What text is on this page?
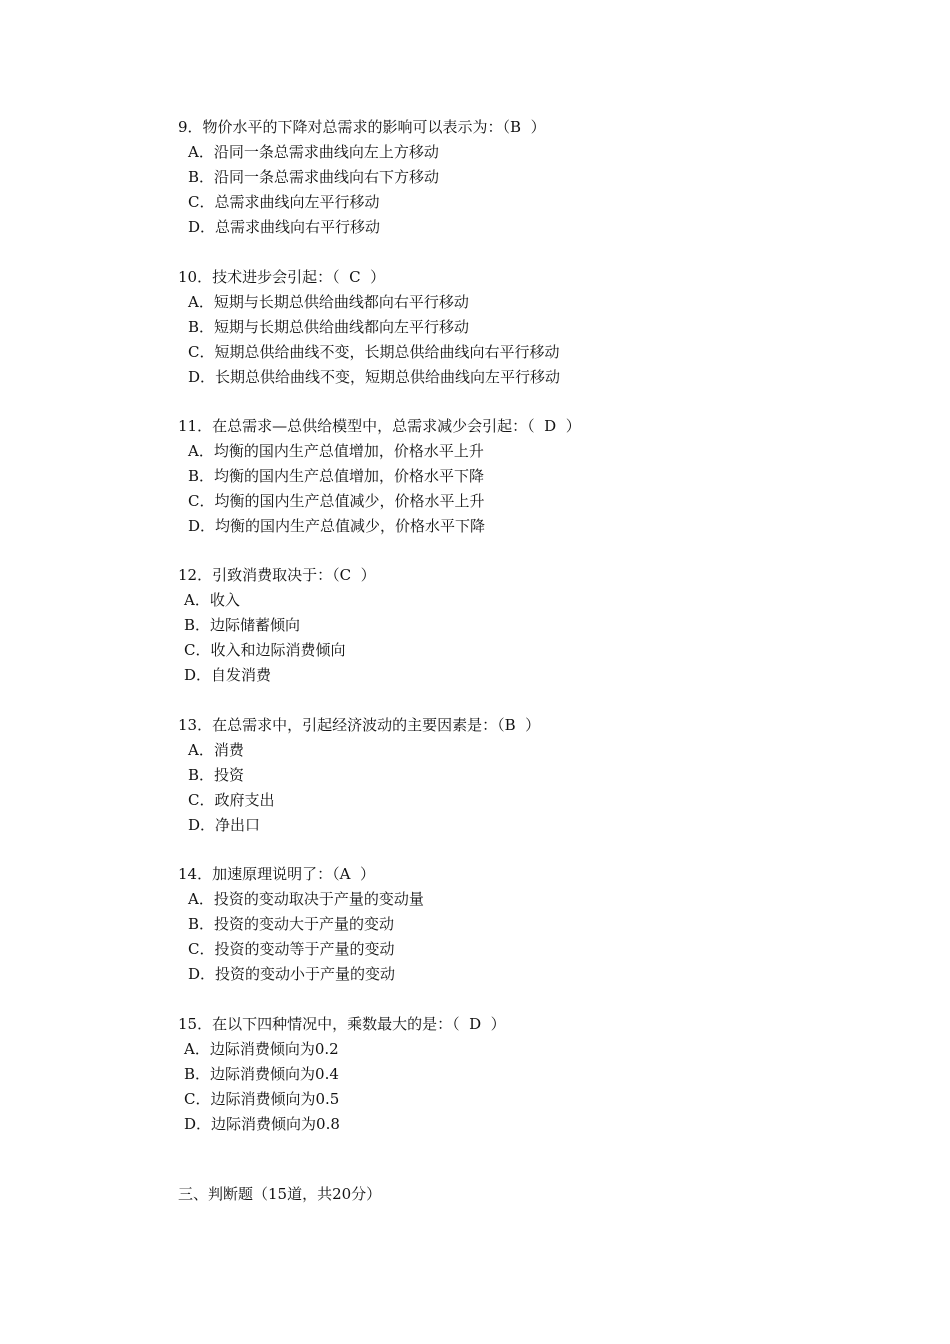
9．物价水平的下降对总需求的影响可以表示为：（B  ）
A．沿同一条总需求曲线向左上方移动
B．沿同一条总需求曲线向右下方移动
C．总需求曲线向左平行移动
D．总需求曲线向右平行移动
10．技术进步会引起：（  C  ）
A．短期与长期总供给曲线都向右平行移动
B．短期与长期总供给曲线都向左平行移动
C．短期总供给曲线不变，长期总供给曲线向右平行移动
D．长期总供给曲线不变，短期总供给曲线向左平行移动
11．在总需求—总供给模型中，总需求减少会引起：（  D  ）
A．均衡的国内生产总值增加，价格水平上升
B．均衡的国内生产总值增加，价格水平下降
C．均衡的国内生产总值减少，价格水平上升
D．均衡的国内生产总值减少，价格水平下降
12．引致消费取决于：（C  ）
A．收入
B．边际储蓄倾向
C．收入和边际消费倾向
D．自发消费
13．在总需求中，引起经济波动的主要因素是：（B  ）
A．消费
B．投资
C．政府支出
D．净出口
14．加速原理说明了：（A  ）
A．投资的变动取决于产量的变动量
B．投资的变动大于产量的变动
C．投资的变动等于产量的变动
D．投资的变动小于产量的变动
15．在以下四种情况中，乘数最大的是：（  D  ）
A．边际消费倾向为0.2
B．边际消费倾向为0.4
C．边际消费倾向为0.5
D．边际消费倾向为0.8
三、判断题（15道，共20分）
